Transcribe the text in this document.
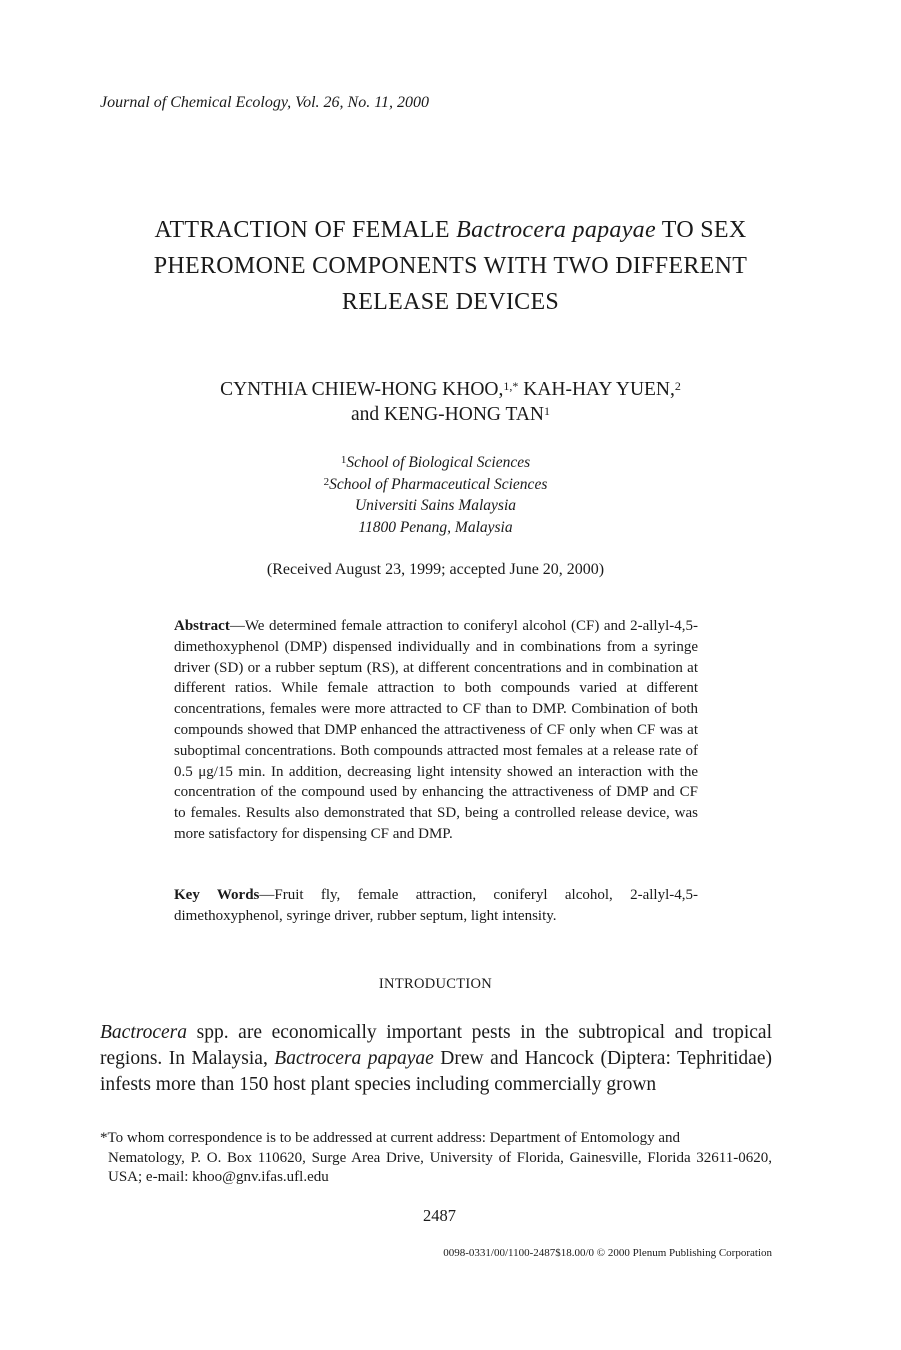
Journal of Chemical Ecology, Vol. 26, No. 11, 2000
ATTRACTION OF FEMALE Bactrocera papayae TO SEX
PHEROMONE COMPONENTS WITH TWO DIFFERENT
RELEASE DEVICES
CYNTHIA CHIEW-HONG KHOO,$^{1,*}$ KAH-HAY YUEN,$^2$
and KENG-HONG TAN$^1$
$^1$School of Biological Sciences
$^2$School of Pharmaceutical Sciences
Universiti Sains Malaysia
11800 Penang, Malaysia
(Received August 23, 1999; accepted June 20, 2000)
Abstract—We determined female attraction to coniferyl alcohol (CF) and 2-allyl-4,5-dimethoxyphenol (DMP) dispensed individually and in combinations from a syringe driver (SD) or a rubber septum (RS), at different concentrations and in combination at different ratios. While female attraction to both compounds varied at different concentrations, females were more attracted to CF than to DMP. Combination of both compounds showed that DMP enhanced the attractiveness of CF only when CF was at suboptimal concentrations. Both compounds attracted most females at a release rate of 0.5 μg/15 min. In addition, decreasing light intensity showed an interaction with the concentration of the compound used by enhancing the attractiveness of DMP and CF to females. Results also demonstrated that SD, being a controlled release device, was more satisfactory for dispensing CF and DMP.
Key Words—Fruit fly, female attraction, coniferyl alcohol, 2-allyl-4,5-dimethoxyphenol, syringe driver, rubber septum, light intensity.
INTRODUCTION
Bactrocera spp. are economically important pests in the subtropical and tropical regions. In Malaysia, Bactrocera papayae Drew and Hancock (Diptera: Tephritidae) infests more than 150 host plant species including commercially grown
*To whom correspondence is to be addressed at current address: Department of Entomology and
Nematology, P. O. Box 110620, Surge Area Drive, University of Florida, Gainesville, Florida 32611-0620, USA; e-mail: khoo@gnv.ifas.ufl.edu
2487
0098-0331/00/1100-2487$18.00/0 © 2000 Plenum Publishing Corporation
